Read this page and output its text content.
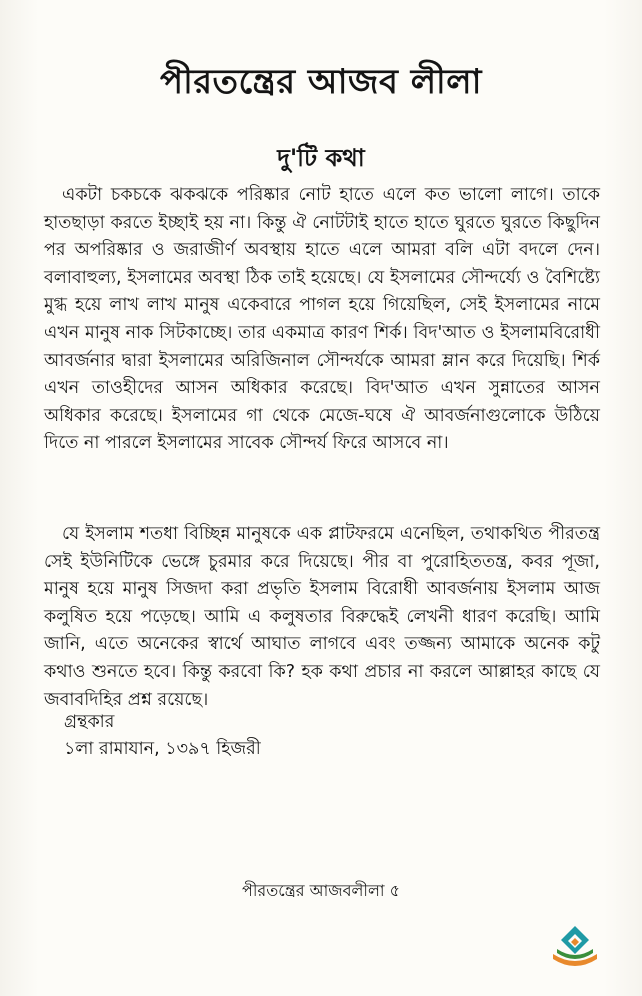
পীরতন্ত্রের আজব লীলা
দু'টি কথা

একটা চকচকে ঝকঝকে পরিষ্কার নোট হাতে এলে কত ভালো লাগে। তাকে হাতছাড়া করতে ইচ্ছাই হয় না। কিন্তু ঐ নোটটাই হাতে হাতে ঘুরতে ঘুরতে কিছুদিন পর অপরিষ্কার ও জরাজীর্ণ অবস্থায় হাতে এলে আমরা বলি এটা বদলে দেন। বলাবাহুল্য, ইসলামের অবস্থা ঠিক তাই হয়েছে। যে ইসলামের সৌন্দর্য্যে ও বৈশিষ্ট্যে মুগ্ধ হয়ে লাখ লাখ মানুষ একেবারে পাগল হয়ে গিয়েছিল, সেই ইসলামের নামে এখন মানুষ নাক সিটকাচ্ছে। তার একমাত্র কারণ শির্ক। বিদ'আত ও ইসলামবিরোধী আবর্জনার দ্বারা ইসলামের অরিজিনাল সৌন্দর্যকে আমরা ম্লান করে দিয়েছি। শির্ক এখন তাওহীদের আসন অধিকার করেছে। বিদ'আত এখন সুন্নাতের আসন অধিকার করেছে। ইসলামের গা থেকে মেজে-ঘষে ঐ আবর্জনাগুলোকে উঠিয়ে দিতে না পারলে ইসলামের সাবেক সৌন্দর্য ফিরে আসবে না।

যে ইসলাম শতধা বিচ্ছিন্ন মানুষকে এক প্লাটফরমে এনেছিল, তথাকথিত পীরতন্ত্র সেই ইউনিটিকে ভেঙ্গে চুরমার করে দিয়েছে। পীর বা পুরোহিততন্ত্র, কবর পূজা, মানুষ হয়ে মানুষ সিজদা করা প্রভৃতি ইসলাম বিরোধী আবর্জনায় ইসলাম আজ কলুষিত হয়ে পড়েছে। আমি এ কলুষতার বিরুদ্ধেই লেখনী ধারণ করেছি। আমি জানি, এতে অনেকের স্বার্থে আঘাত লাগবে এবং তজ্জন্য আমাকে অনেক কটু কথাও শুনতে হবে। কিন্তু করবো কি? হক কথা প্রচার না করলে আল্লাহর কাছে যে জবাবদিহির প্রশ্ন রয়েছে।

গ্রন্থকার
১লা রামাযান, ১৩৯৭ হিজরী
পীরতন্ত্রের আজবলীলা ৫
